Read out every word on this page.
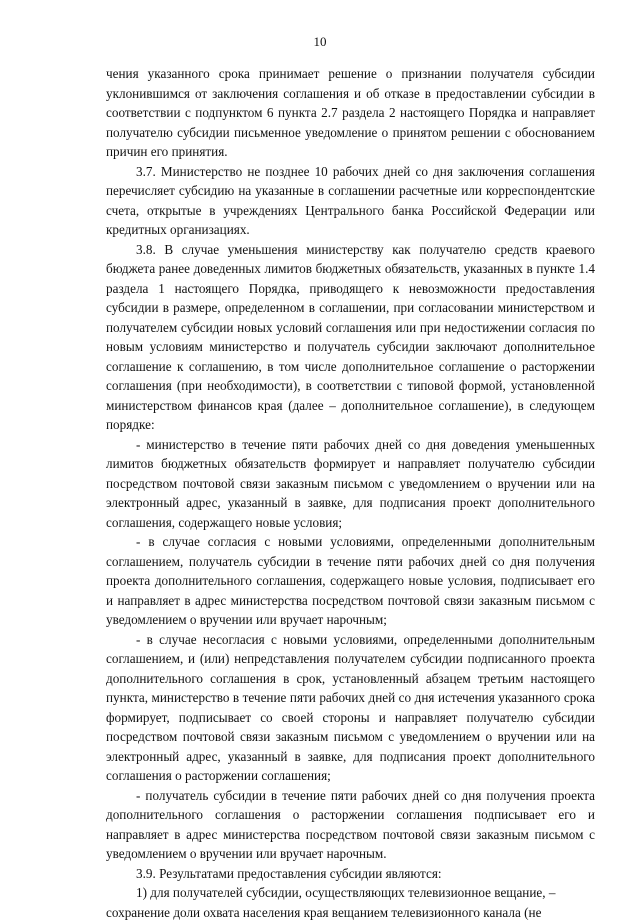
10

чения указанного срока принимает решение о признании получателя субсидии уклонившимся от заключения соглашения и об отказе в предоставлении субсидии в соответствии с подпунктом 6 пункта 2.7 раздела 2 настоящего Порядка и направляет получателю субсидии письменное уведомление о принятом решении с обоснованием причин его принятия.

3.7. Министерство не позднее 10 рабочих дней со дня заключения соглашения перечисляет субсидию на указанные в соглашении расчетные или корреспондентские счета, открытые в учреждениях Центрального банка Российской Федерации или кредитных организациях.

3.8. В случае уменьшения министерству как получателю средств краевого бюджета ранее доведенных лимитов бюджетных обязательств, указанных в пункте 1.4 раздела 1 настоящего Порядка, приводящего к невозможности предоставления субсидии в размере, определенном в соглашении, при согласовании министерством и получателем субсидии новых условий соглашения или при недостижении согласия по новым условиям министерство и получатель субсидии заключают дополнительное соглашение к соглашению, в том числе дополнительное соглашение о расторжении соглашения (при необходимости), в соответствии с типовой формой, установленной министерством финансов края (далее – дополнительное соглашение), в следующем порядке:

- министерство в течение пяти рабочих дней со дня доведения уменьшенных лимитов бюджетных обязательств формирует и направляет получателю субсидии посредством почтовой связи заказным письмом с уведомлением о вручении или на электронный адрес, указанный в заявке, для подписания проект дополнительного соглашения, содержащего новые условия;

- в случае согласия с новыми условиями, определенными дополнительным соглашением, получатель субсидии в течение пяти рабочих дней со дня получения проекта дополнительного соглашения, содержащего новые условия, подписывает его и направляет в адрес министерства посредством почтовой связи заказным письмом с уведомлением о вручении или вручает нарочным;

- в случае несогласия с новыми условиями, определенными дополнительным соглашением, и (или) непредставления получателем субсидии подписанного проекта дополнительного соглашения в срок, установленный абзацем третьим настоящего пункта, министерство в течение пяти рабочих дней со дня истечения указанного срока формирует, подписывает со своей стороны и направляет получателю субсидии посредством почтовой связи заказным письмом с уведомлением о вручении или на электронный адрес, указанный в заявке, для подписания проект дополнительного соглашения о расторжении соглашения;

- получатель субсидии в течение пяти рабочих дней со дня получения проекта дополнительного соглашения о расторжении соглашения подписывает его и направляет в адрес министерства посредством почтовой связи заказным письмом с уведомлением о вручении или вручает нарочным.

3.9. Результатами предоставления субсидии являются:

1) для получателей субсидии, осуществляющих телевизионное вещание, –

сохранение доли охвата населения края вещанием телевизионного канала (не
